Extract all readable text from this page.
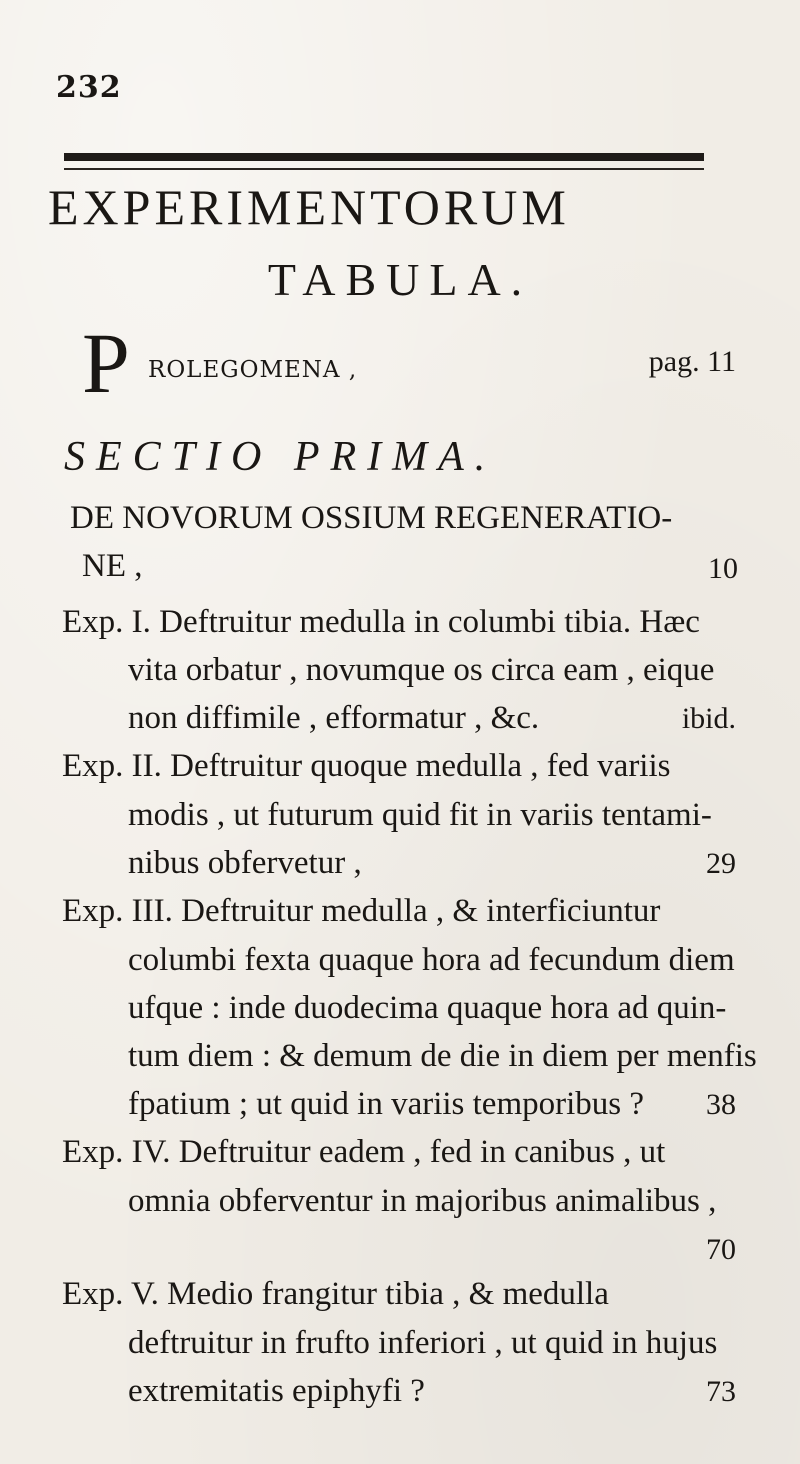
232
EXPERIMENTORUM
TABULA.
P ROLEGOMENA ,	pag. 11
SECTIO PRIMA.
DE NOVORUM OSSIUM REGENERATIO-
NE ,	10
Exp. I. Deftruitur medulla in columbi tibia. Hæc
vita orbatur , novumque os circa eam , eique
non diffimile , efformatur , &c.	ibid.
Exp. II. Deftruitur quoque medulla , fed variis
modis , ut futurum quid fit in variis tentami-
nibus obfervetur ,	29
Exp. III. Deftruitur medulla , & interficiuntur
columbi fexta quaque hora ad fecundum diem
ufque : inde duodecima quaque hora ad quin-
tum diem : & demum de die in diem per menfis
fpatium ; ut quid in variis temporibus ? 38
Exp. IV. Deftruitur eadem , fed in canibus , ut
omnia obferventur in majoribus animalibus ,
70
Exp. V. Medio frangitur tibia , & medulla
deftruitur in frufto inferiori , ut quid in hujus
extremitatis epiphyfi ?	73
